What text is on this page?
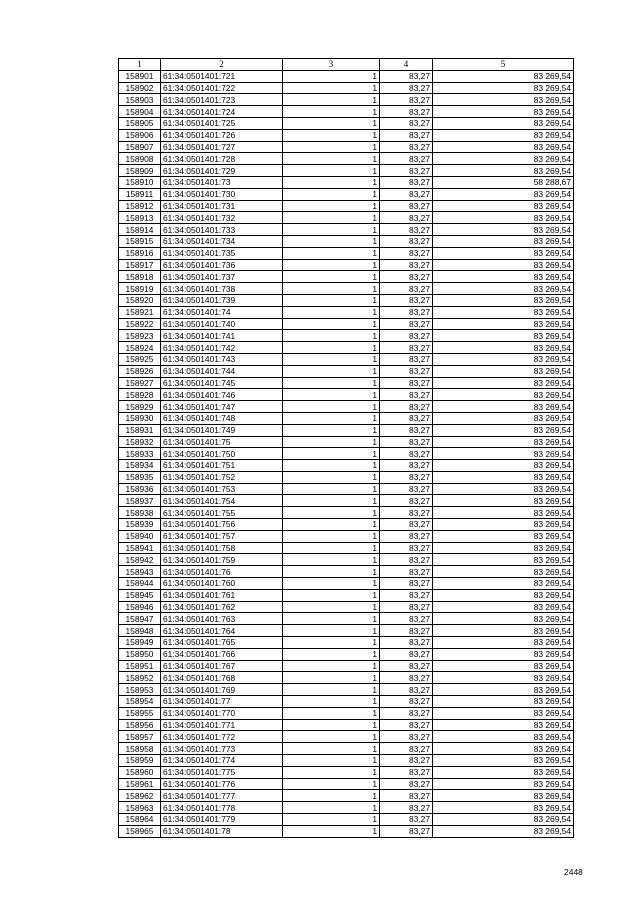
1	2	3	4	5
158901	61:34:0501401:721	1	83,27	83 269,54
158902	61:34:0501401:722	1	83,27	83 269,54
158903	61:34:0501401:723	1	83,27	83 269,54
158904	61:34:0501401:724	1	83,27	83 269,54
158905	61:34:0501401:725	1	83,27	83 269,54
158906	61:34:0501401:726	1	83,27	83 269,54
158907	61:34:0501401:727	1	83,27	83 269,54
158908	61:34:0501401:728	1	83,27	83 269,54
158909	61:34:0501401:729	1	83,27	83 269,54
158910	61:34:0501401:73	1	83,27	58 288,67
158911	61:34:0501401:730	1	83,27	83 269,54
158912	61:34:0501401:731	1	83,27	83 269,54
158913	61:34:0501401:732	1	83,27	83 269,54
158914	61:34:0501401:733	1	83,27	83 269,54
158915	61:34:0501401:734	1	83,27	83 269,54
158916	61:34:0501401:735	1	83,27	83 269,54
158917	61:34:0501401:736	1	83,27	83 269,54
158918	61:34:0501401:737	1	83,27	83 269,54
158919	61:34:0501401:738	1	83,27	83 269,54
158920	61:34:0501401:739	1	83,27	83 269,54
158921	61:34:0501401:74	1	83,27	83 269,54
158922	61:34:0501401:740	1	83,27	83 269,54
158923	61:34:0501401:741	1	83,27	83 269,54
158924	61:34:0501401:742	1	83,27	83 269,54
158925	61:34:0501401:743	1	83,27	83 269,54
158926	61:34:0501401:744	1	83,27	83 269,54
158927	61:34:0501401:745	1	83,27	83 269,54
158928	61:34:0501401:746	1	83,27	83 269,54
158929	61:34:0501401:747	1	83,27	83 269,54
158930	61:34:0501401:748	1	83,27	83 269,54
158931	61:34:0501401:749	1	83,27	83 269,54
158932	61:34:0501401:75	1	83,27	83 269,54
158933	61:34:0501401:750	1	83,27	83 269,54
158934	61:34:0501401:751	1	83,27	83 269,54
158935	61:34:0501401:752	1	83,27	83 269,54
158936	61:34:0501401:753	1	83,27	83 269,54
158937	61:34:0501401:754	1	83,27	83 269,54
158938	61:34:0501401:755	1	83,27	83 269,54
158939	61:34:0501401:756	1	83,27	83 269,54
158940	61:34:0501401:757	1	83,27	83 269,54
158941	61:34:0501401:758	1	83,27	83 269,54
158942	61:34:0501401:759	1	83,27	83 269,54
158943	61:34:0501401:76	1	83,27	83 269,54
158944	61:34:0501401:760	1	83,27	83 269,54
158945	61:34:0501401:761	1	83,27	83 269,54
158946	61:34:0501401:762	1	83,27	83 269,54
158947	61:34:0501401:763	1	83,27	83 269,54
158948	61:34:0501401:764	1	83,27	83 269,54
158949	61:34:0501401:765	1	83,27	83 269,54
158950	61:34:0501401:766	1	83,27	83 269,54
158951	61:34:0501401:767	1	83,27	83 269,54
158952	61:34:0501401:768	1	83,27	83 269,54
158953	61:34:0501401:769	1	83,27	83 269,54
158954	61:34:0501401:77	1	83,27	83 269,54
158955	61:34:0501401:770	1	83,27	83 269,54
158956	61:34:0501401:771	1	83,27	83 269,54
158957	61:34:0501401:772	1	83,27	83 269,54
158958	61:34:0501401:773	1	83,27	83 269,54
158959	61:34:0501401:774	1	83,27	83 269,54
158960	61:34:0501401:775	1	83,27	83 269,54
158961	61:34:0501401:776	1	83,27	83 269,54
158962	61:34:0501401:777	1	83,27	83 269,54
158963	61:34:0501401:778	1	83,27	83 269,54
158964	61:34:0501401:779	1	83,27	83 269,54
158965	61:34:0501401:78	1	83,27	83 269,54
2448
